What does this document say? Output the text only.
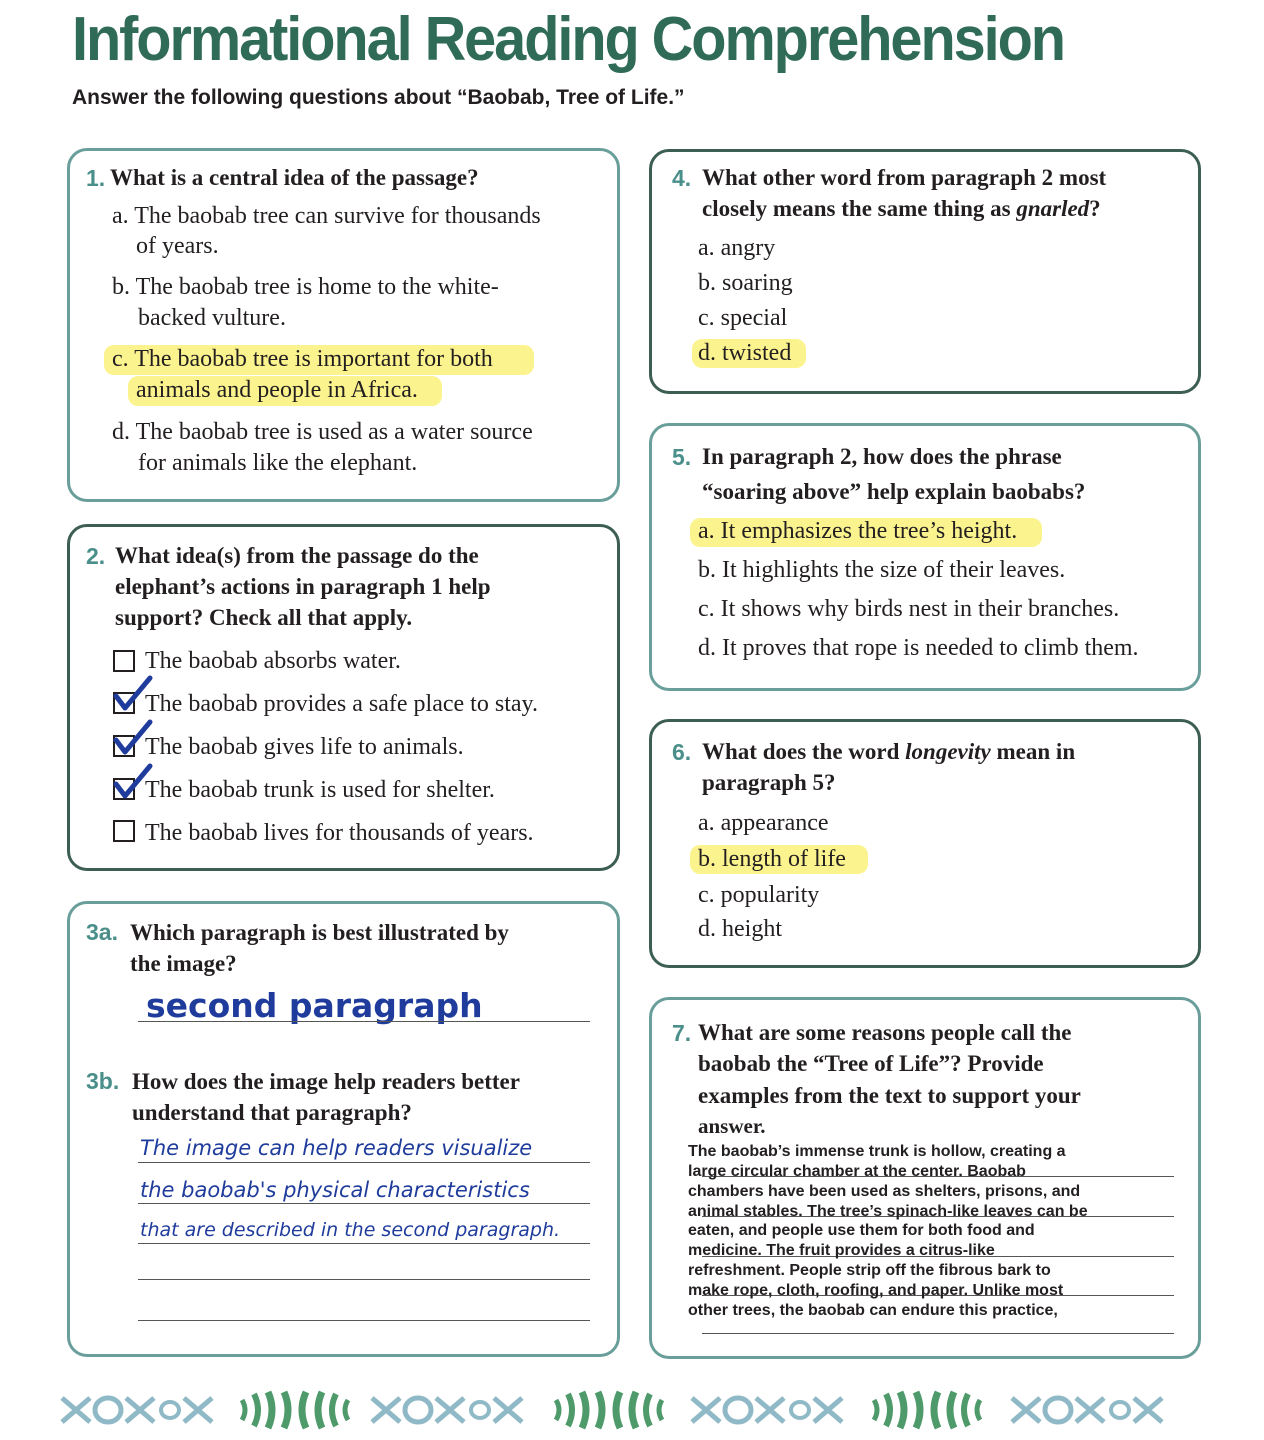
Informational Reading Comprehension
Answer the following questions about “Baobab, Tree of Life.”
1. What is a central idea of the passage?
a. The baobab tree can survive for thousands
of years.
b. The baobab tree is home to the white-
backed vulture.
c. The baobab tree is important for both
animals and people in Africa.
d. The baobab tree is used as a water source
for animals like the elephant.
2. What idea(s) from the passage do the
elephant’s actions in paragraph 1 help
support? Check all that apply.
The baobab absorbs water.
The baobab provides a safe place to stay.
The baobab gives life to animals.
The baobab trunk is used for shelter.
The baobab lives for thousands of years.
3a. Which paragraph is best illustrated by
the image?
second paragraph
3b. How does the image help readers better
understand that paragraph?
The image can help readers visualize
the baobab's physical characteristics
that are described in the second paragraph.
4. What other word from paragraph 2 most
closely means the same thing as gnarled?
a. angry
b. soaring
c. special
d. twisted
5. In paragraph 2, how does the phrase
“soaring above” help explain baobabs?
a. It emphasizes the tree’s height.
b. It highlights the size of their leaves.
c. It shows why birds nest in their branches.
d. It proves that rope is needed to climb them.
6. What does the word longevity mean in
paragraph 5?
a. appearance
b. length of life
c. popularity
d. height
7. What are some reasons people call the
baobab the “Tree of Life”? Provide
examples from the text to support your
answer.
The baobab’s immense trunk is hollow, creating a
large circular chamber at the center. Baobab
chambers have been used as shelters, prisons, and
animal stables. The tree’s spinach-like leaves can be
eaten, and people use them for both food and
medicine. The fruit provides a citrus-like
refreshment. People strip off the fibrous bark to
make rope, cloth, roofing, and paper. Unlike most
other trees, the baobab can endure this practice,
